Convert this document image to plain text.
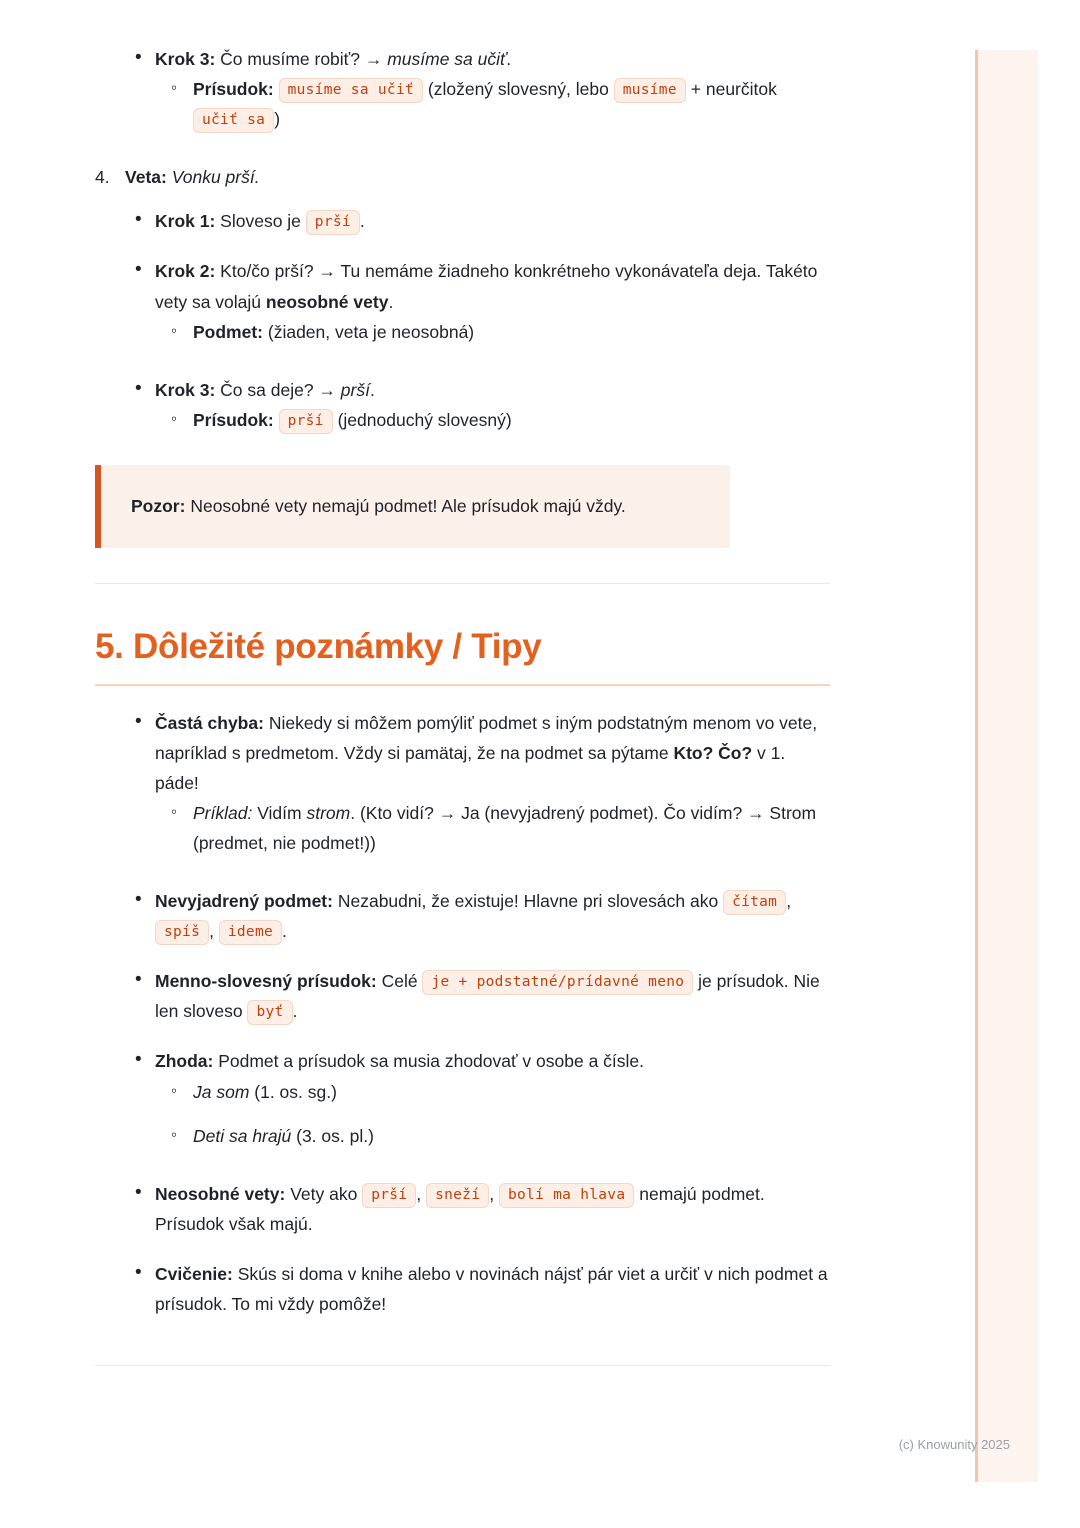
• Krok 3: Čo musíme robiť? → musíme sa učiť.
◦ Prísudok: musíme sa učiť (zložený slovesný, lebo musíme + neurčitok učiť sa )
4. Veta: Vonku prší.
• Krok 1: Sloveso je prší .
• Krok 2: Kto/čo prší? → Tu nemáme žiadneho konkrétneho vykonávateľa deja. Takéto vety sa volajú neosobné vety.
◦ Podmet: (žiaden, veta je neosobná)
• Krok 3: Čo sa deje? → prší.
◦ Prísudok: prší (jednoduchý slovesný)
Pozor: Neosobné vety nemajú podmet! Ale prísudok majú vždy.
5. Dôležité poznámky / Tipy
• Častá chyba: Niekedy si môžem pomýliť podmet s iným podstatným menom vo vete, napríklad s predmetom. Vždy si pamätaj, že na podmet sa pýtame Kto? Čo? v 1. páde!
◦ Príklad: Vidím strom. (Kto vidí? → Ja (nevyjadrený podmet). Čo vidím? → Strom (predmet, nie podmet!))
• Nevyjadrený podmet: Nezabudni, že existuje! Hlavne pri slovesách ako čítam , spíš , ideme .
• Menno-slovesný prísudok: Celé je + podstatné/prídavné meno je prísudok. Nie len sloveso byť .
• Zhoda: Podmet a prísudok sa musia zhodovať v osobe a čísle.
◦ Ja som (1. os. sg.)
◦ Deti sa hrajú (3. os. pl.)
• Neosobné vety: Vety ako prší , sneží , bolí ma hlava nemajú podmet. Prísudok však majú.
• Cvičenie: Skús si doma v knihe alebo v novinách nájsť pár viet a určiť v nich podmet a prísudok. To mi vždy pomôže!
(c) Knowunity 2025
